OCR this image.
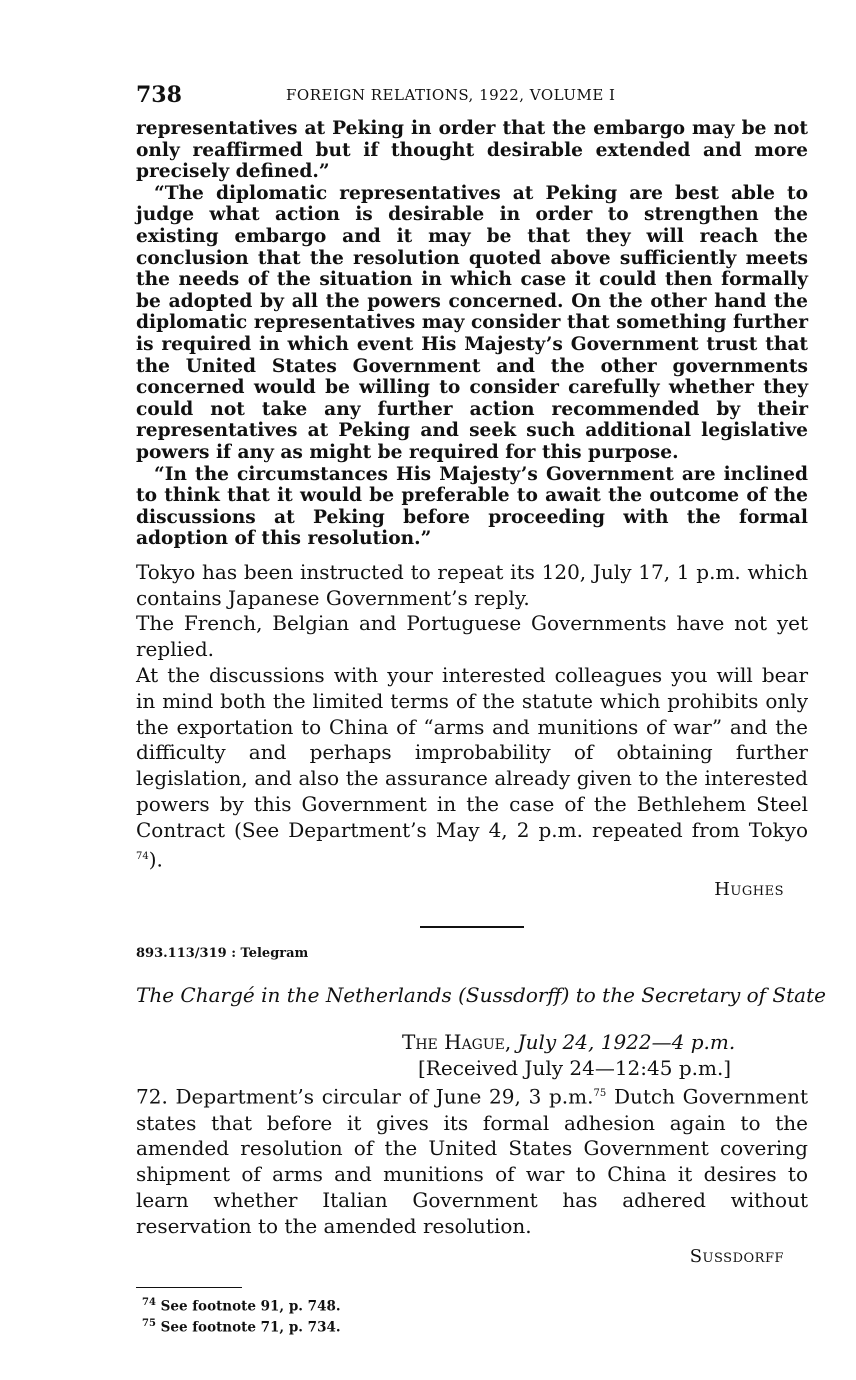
738	FOREIGN RELATIONS, 1922, VOLUME I

representatives at Peking in order that the embargo may be not only reaffirmed but if thought desirable extended and more precisely defined.”

“The diplomatic representatives at Peking are best able to judge what action is desirable in order to strengthen the existing embargo and it may be that they will reach the conclusion that the resolution quoted above sufficiently meets the needs of the situation in which case it could then formally be adopted by all the powers concerned. On the other hand the diplomatic representatives may consider that something further is required in which event His Majesty’s Government trust that the United States Government and the other governments concerned would be willing to consider carefully whether they could not take any further action recommended by their representatives at Peking and seek such additional legislative powers if any as might be required for this purpose.

“In the circumstances His Majesty’s Government are inclined to think that it would be preferable to await the outcome of the discussions at Peking before proceeding with the formal adoption of this resolution.”

Tokyo has been instructed to repeat its 120, July 17, 1 p.m. which contains Japanese Government’s reply.

The French, Belgian and Portuguese Governments have not yet replied.

At the discussions with your interested colleagues you will bear in mind both the limited terms of the statute which prohibits only the exportation to China of “arms and munitions of war” and the difficulty and perhaps improbability of obtaining further legislation, and also the assurance already given to the interested powers by this Government in the case of the Bethlehem Steel Contract (See Department’s May 4, 2 p.m. repeated from Tokyo $^{74}$).

Hughes
893.113/319 : Telegram
The Chargé in the Netherlands (Sussdorff) to the Secretary of State
The Hague, July 24, 1922—4 p.m.
[Received July 24—12:45 p.m.]

72. Department’s circular of June 29, 3 p.m.$^{75}$ Dutch Government states that before it gives its formal adhesion again to the amended resolution of the United States Government covering shipment of arms and munitions of war to China it desires to learn whether Italian Government has adhered without reservation to the amended resolution.

Sussdorff
$^{74}$ See footnote 91, p. 748.
$^{75}$ See footnote 71, p. 734.
